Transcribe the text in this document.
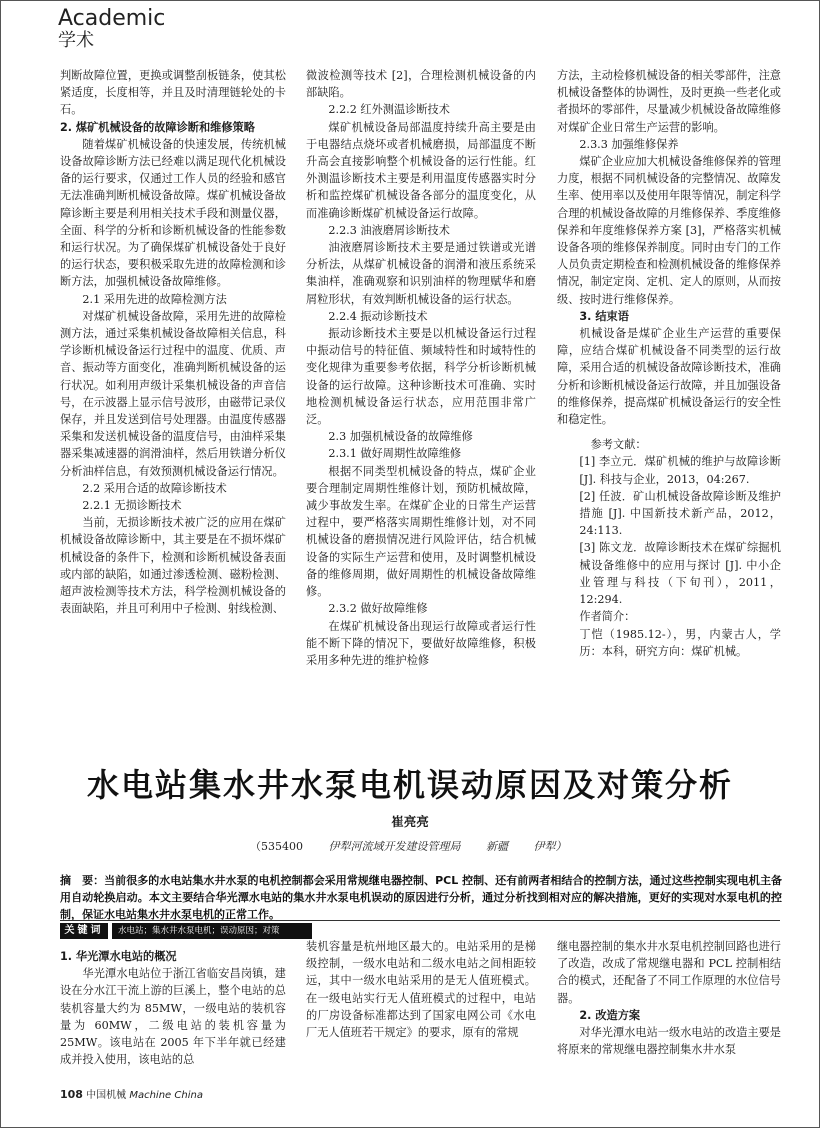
Academic
学术

判断故障位置，更换或调整刮板链条，使其松紧适度，长度相等，并且及时清理链轮处的卡石。

2. 煤矿机械设备的故障诊断和维修策略

随着煤矿机械设备的快速发展，传统机械设备故障诊断方法已经难以满足现代化机械设备的运行要求，仅通过工作人员的经验和感官无法准确判断机械设备故障。煤矿机械设备故障诊断主要是利用相关技术手段和测量仪器，全面、科学的分析和诊断机械设备的性能参数和运行状况。为了确保煤矿机械设备处于良好的运行状态，要积极采取先进的故障检测和诊断方法，加强机械设备故障维修。

2.1 采用先进的故障检测方法

对煤矿机械设备故障，采用先进的故障检测方法，通过采集机械设备故障相关信息，科学诊断机械设备运行过程中的温度、优质、声音、振动等方面变化，准确判断机械设备的运行状况。如利用声级计采集机械设备的声音信号，在示波器上显示信号波形，由磁带记录仪保存，并且发送到信号处理器。由温度传感器采集和发送机械设备的温度信号，由油样采集器采集减速器的润滑油样，然后用铁谱分析仪分析油样信息，有效预测机械设备运行情况。

2.2 采用合适的故障诊断技术
2.2.1 无损诊断技术

当前，无损诊断技术被广泛的应用在煤矿机械设备故障诊断中，其主要是在不损坏煤矿机械设备的条件下，检测和诊断机械设备表面或内部的缺陷，如通过渗透检测、磁粉检测、超声波检测等技术方法，科学检测机械设备的表面缺陷，并且可利用中子检测、射线检测、

微波检测等技术 [2]，合理检测机械设备的内部缺陷。

2.2.2 红外测温诊断技术

煤矿机械设备局部温度持续升高主要是由于电器结点烧坏或者机械磨损，局部温度不断升高会直接影响整个机械设备的运行性能。红外测温诊断技术主要是利用温度传感器实时分析和监控煤矿机械设备各部分的温度变化，从而准确诊断煤矿机械设备运行故障。

2.2.3 油液磨屑诊断技术

油液磨屑诊断技术主要是通过铁谱或光谱分析法，从煤矿机械设备的润滑和液压系统采集油样，准确观察和识别油样的物理赋华和磨屑粒形状，有效判断机械设备的运行状态。

2.2.4 振动诊断技术

振动诊断技术主要是以机械设备运行过程中振动信号的特征值、频域特性和时域特性的变化规律为重要参考依据，科学分析诊断机械设备的运行故障。这种诊断技术可准确、实时地检测机械设备运行状态，应用范围非常广泛。

2.3 加强机械设备的故障维修
2.3.1 做好周期性故障维修

根据不同类型机械设备的特点，煤矿企业要合理制定周期性维修计划，预防机械故障，减少事故发生率。在煤矿企业的日常生产运营过程中，要严格落实周期性维修计划，对不同机械设备的磨损情况进行风险评估，结合机械设备的实际生产运营和使用，及时调整机械设备的维修周期，做好周期性的机械设备故障维修。

2.3.2 做好故障维修

在煤矿机械设备出现运行故障或者运行性能不断下降的情况下，要做好故障维修，积极采用多种先进的维护检修

方法，主动检修机械设备的相关零部件，注意机械设备整体的协调性，及时更换一些老化或者损坏的零部件，尽量减少机械设备故障维修对煤矿企业日常生产运营的影响。

2.3.3 加强维修保养

煤矿企业应加大机械设备维修保养的管理力度，根据不同机械设备的完整情况、故障发生率、使用率以及使用年限等情况，制定科学合理的机械设备故障的月维修保养、季度维修保养和年度维修保养方案 [3]，严格落实机械设备各项的维修保养制度。同时由专门的工作人员负责定期检查和检测机械设备的维修保养情况，制定定岗、定机、定人的原则，从而按级、按时进行维修保养。

3. 结束语

机械设备是煤矿企业生产运营的重要保障，应结合煤矿机械设备不同类型的运行故障，采用合适的机械设备故障诊断技术，准确分析和诊断机械设备运行故障，并且加强设备的维修保养，提高煤矿机械设备运行的安全性和稳定性。

参考文献：

[1] 李立元．煤矿机械的维护与故障诊断 [J]. 科技与企业，2013，04:267.

[2] 任波．矿山机械设备故障诊断及维护措施 [J]. 中国新技术新产品，2012，24:113.

[3] 陈文龙．故障诊断技术在煤矿综掘机械设备维修中的应用与探讨 [J]. 中小企业管理与科技（下旬刊），2011，12:294.

作者简介：

丁恺（1985.12-），男，内蒙古人，学历：本科，研究方向：煤矿机械。

水电站集水井水泵电机误动原因及对策分析
崔亮亮
（535400 伊犁河流域开发建设管理局 新疆 伊犁）
摘　要：当前很多的水电站集水井水泵的电机控制都会采用常规继电器控制、PCL 控制、还有前两者相结合的控制方法，通过这些控制实现电机主备用自动轮换启动。本文主要结合华光潭水电站的集水井水泵电机误动的原因进行分析，通过分析找到相对应的解决措施，更好的实现对水泵电机的控制，保证水电站集水井水泵电机的正常工作。
关键词	水电站；集水井水泵电机；误动原因；对策
1. 华光潭水电站的概况

华光潭水电站位于浙江省临安昌岗镇，建设在分水江干流上游的巨溪上，整个电站的总装机容量大约为 85MW，一级电站的装机容量为 60MW，二级电站的装机容量为 25MW。该电站在 2005 年下半年就已经建成并投入使用，该电站的总

装机容量是杭州地区最大的。电站采用的是梯级控制，一级水电站和二级水电站之间相距较远，其中一级水电站采用的是无人值班模式。在一级电站实行无人值班模式的过程中，电站的厂房设备标准都达到了国家电网公司《水电厂无人值班若干规定》的要求，原有的常规

继电器控制的集水井水泵电机控制回路也进行了改造，改成了常规继电器和 PCL 控制相结合的模式，还配备了不同工作原理的水位信号器。

2. 改造方案

对华光潭水电站一级水电站的改造主要是将原来的常规继电器控制集水井水泵

108 中国机械 Machine China
